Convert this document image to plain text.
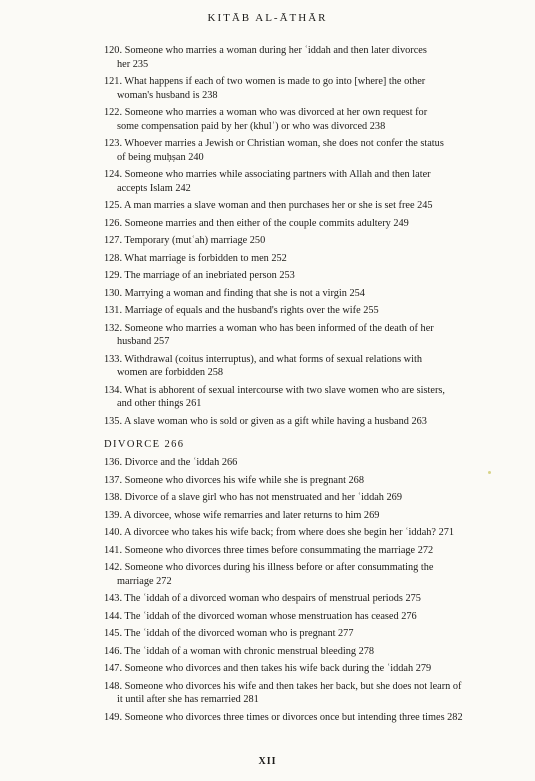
KITĀB AL-ĀTHĀR
120. Someone who marries a woman during her ʿiddah and then later divorces
her 235
121. What happens if each of two women is made to go into [where] the other
woman's husband is 238
122. Someone who marries a woman who was divorced at her own request for
some compensation paid by her (khulʿ) or who was divorced 238
123. Whoever marries a Jewish or Christian woman, she does not confer the status
of being muḥṣan 240
124. Someone who marries while associating partners with Allah and then later
accepts Islam 242
125. A man marries a slave woman and then purchases her or she is set free 245
126. Someone marries and then either of the couple commits adultery 249
127. Temporary (mutʿah) marriage 250
128. What marriage is forbidden to men 252
129. The marriage of an inebriated person 253
130. Marrying a woman and finding that she is not a virgin 254
131. Marriage of equals and the husband's rights over the wife 255
132. Someone who marries a woman who has been informed of the death of her
husband 257
133. Withdrawal (coitus interruptus), and what forms of sexual relations with
women are forbidden 258
134. What is abhorent of sexual intercourse with two slave women who are sisters,
and other things 261
135. A slave woman who is sold or given as a gift while having a husband 263
DIVORCE 266
136. Divorce and the ʿiddah 266
137. Someone who divorces his wife while she is pregnant 268
138. Divorce of a slave girl who has not menstruated and her ʿiddah 269
139. A divorcee, whose wife remarries and later returns to him 269
140. A divorcee who takes his wife back; from where does she begin her ʿiddah? 271
141. Someone who divorces three times before consummating the marriage 272
142. Someone who divorces during his illness before or after consummating the
marriage 272
143. The ʿiddah of a divorced woman who despairs of menstrual periods 275
144. The ʿiddah of the divorced woman whose menstruation has ceased 276
145. The ʿiddah of the divorced woman who is pregnant 277
146. The ʿiddah of a woman with chronic menstrual bleeding 278
147. Someone who divorces and then takes his wife back during the ʿiddah 279
148. Someone who divorces his wife and then takes her back, but she does not learn of
it until after she has remarried 281
149. Someone who divorces three times or divorces once but intending three times 282
XII
